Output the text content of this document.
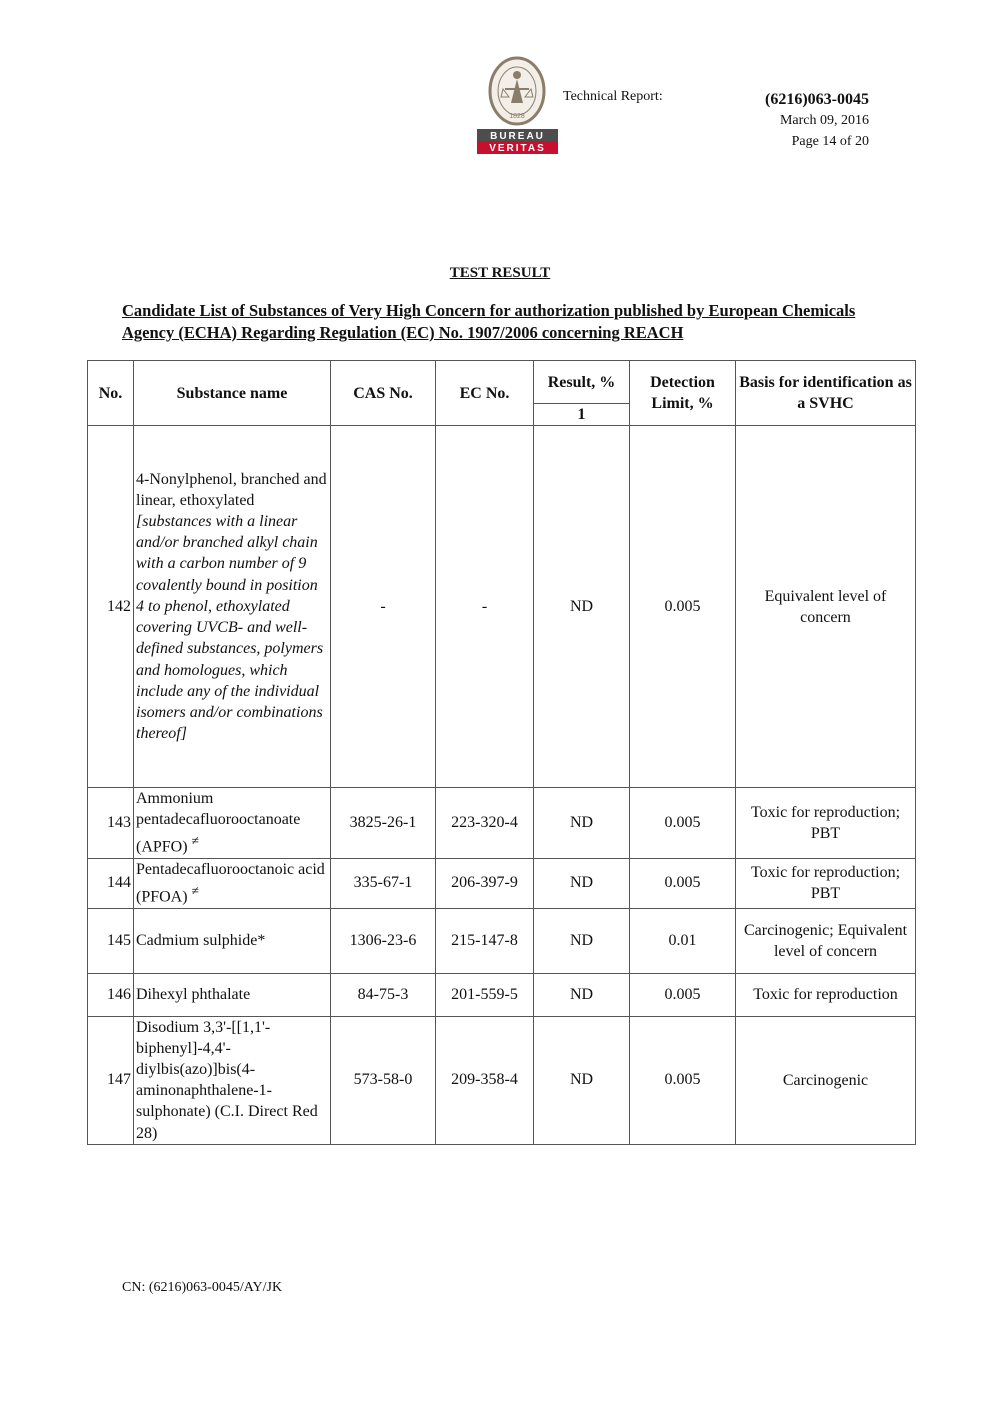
1828
BUREAU
VERITAS
Technical Report:	(6216)063-0045
March 09, 2016
Page 14 of 20
TEST RESULT
Candidate List of Substances of Very High Concern for authorization published by European Chemicals Agency (ECHA) Regarding Regulation (EC) No. 1907/2006 concerning REACH
No.	Substance name	CAS No.	EC No.	Result, %	Detection Limit, %	Basis for identification as a SVHC
				1		
142	4-Nonylphenol, branched and linear, ethoxylated [substances with a linear and/or branched alkyl chain with a carbon number of 9 covalently bound in position 4 to phenol, ethoxylated covering UVCB- and well-defined substances, polymers and homologues, which include any of the individual isomers and/or combinations thereof]	-	-	ND	0.005	Equivalent level of concern
143	Ammonium pentadecafluorooctanoate (APFO) ≠	3825-26-1	223-320-4	ND	0.005	Toxic for reproduction; PBT
144	Pentadecafluorooctanoic acid (PFOA) ≠	335-67-1	206-397-9	ND	0.005	Toxic for reproduction; PBT
145	Cadmium sulphide*	1306-23-6	215-147-8	ND	0.01	Carcinogenic; Equivalent level of concern
146	Dihexyl phthalate	84-75-3	201-559-5	ND	0.005	Toxic for reproduction
147	Disodium 3,3'-[[1,1'-biphenyl]-4,4'-diylbis(azo)]bis(4-aminonaphthalene-1-sulphonate) (C.I. Direct Red 28)	573-58-0	209-358-4	ND	0.005	Carcinogenic
CN: (6216)063-0045/AY/JK
